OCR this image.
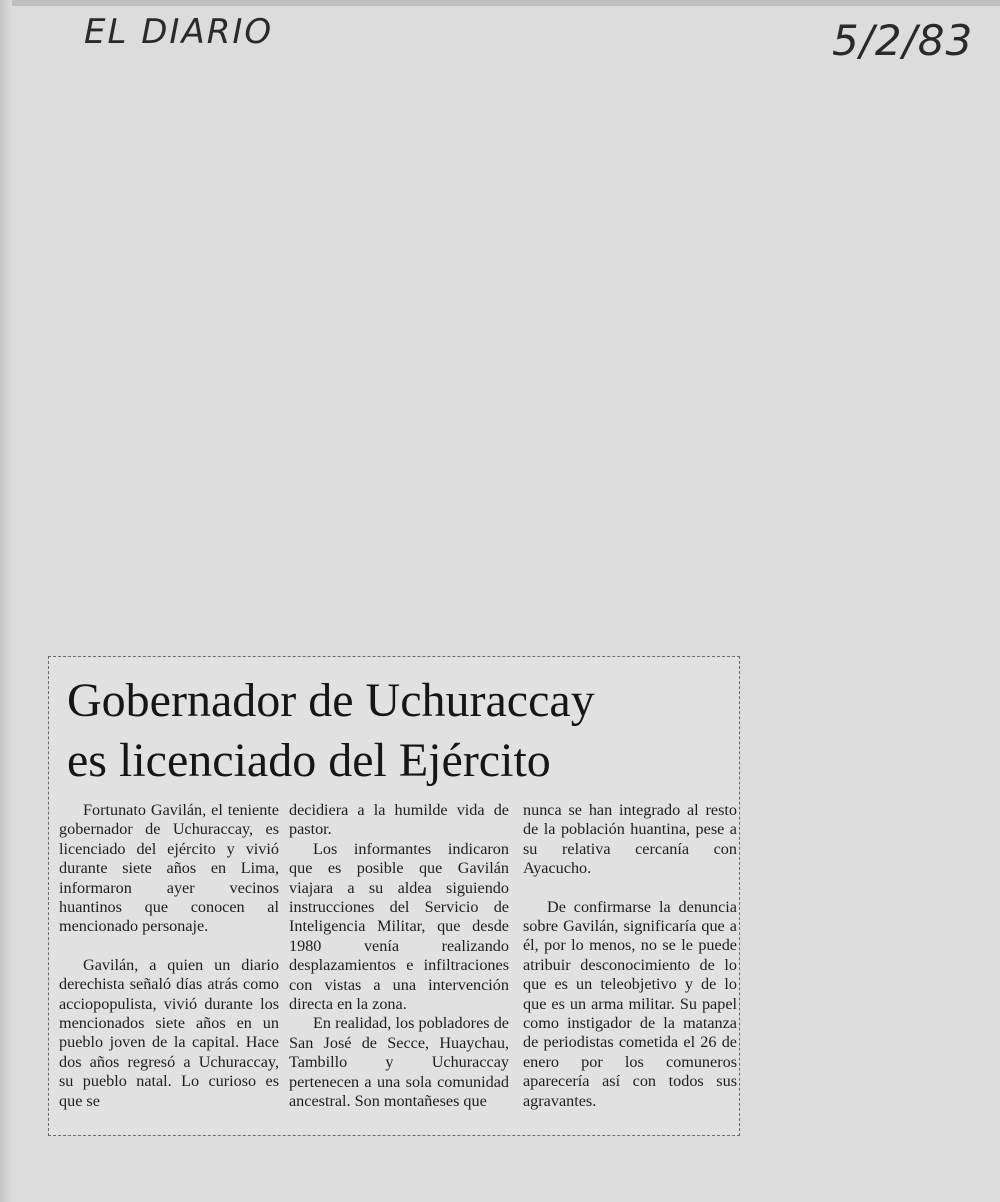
EL DIARIO	5/2/83
Gobernador de Uchuraccay
es licenciado del Ejército

Fortunato Gavilán, el teniente gobernador de Uchuraccay, es licenciado del ejército y vivió durante siete años en Lima, informaron ayer vecinos huantinos que conocen al mencionado personaje.

Gavilán, a quien un diario derechista señaló días atrás como acciopopulista, vivió durante los mencionados siete años en un pueblo joven de la capital. Hace dos años regresó a Uchuraccay, su pueblo natal. Lo curioso es que se

decidiera a la humilde vida de pastor.

Los informantes indicaron que es posible que Gavilán viajara a su aldea siguiendo instrucciones del Servicio de Inteligencia Militar, que desde 1980 venía realizando desplazamientos e infiltraciones con vistas a una intervención directa en la zona.

En realidad, los pobladores de San José de Secce, Huaychau, Tambillo y Uchuraccay pertenecen a una sola comunidad ancestral. Son montañeses que

nunca se han integrado al resto de la población huantina, pese a su relativa cercanía con Ayacucho.

De confirmarse la denuncia sobre Gavilán, significaría que a él, por lo menos, no se le puede atribuir desconocimiento de lo que es un teleobjetivo y de lo que es un arma militar. Su papel como instigador de la matanza de periodistas cometida el 26 de enero por los comuneros aparecería así con todos sus agravantes.
